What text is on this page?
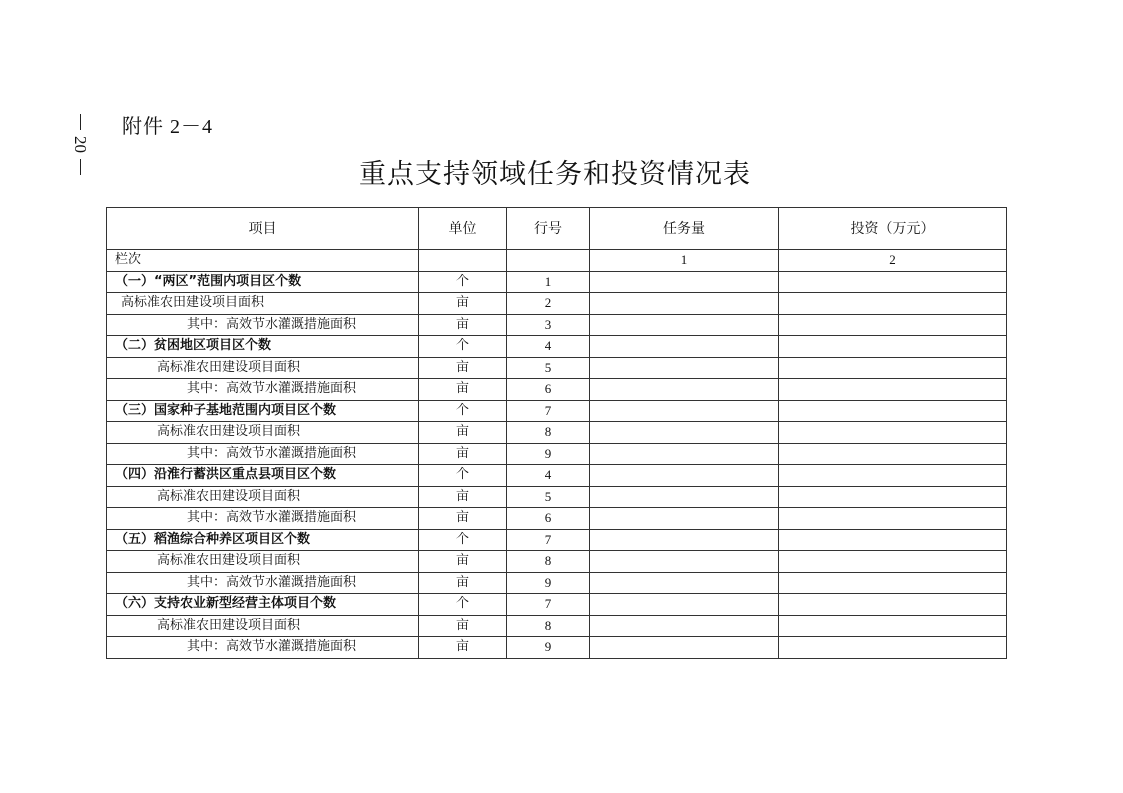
20
附件 2－4
重点支持领域任务和投资情况表
项目	单位	行号	任务量	投资（万元）
栏次			1	2
（一）“两区”范围内项目区个数	个	1		
高标准农田建设项目面积	亩	2		
其中：高效节水灌溉措施面积	亩	3		
（二）贫困地区项目区个数	个	4		
高标准农田建设项目面积	亩	5		
其中：高效节水灌溉措施面积	亩	6		
（三）国家种子基地范围内项目区个数	个	7		
高标准农田建设项目面积	亩	8		
其中：高效节水灌溉措施面积	亩	9		
（四）沿淮行蓄洪区重点县项目区个数	个	4		
高标准农田建设项目面积	亩	5		
其中：高效节水灌溉措施面积	亩	6		
（五）稻渔综合种养区项目区个数	个	7		
高标准农田建设项目面积	亩	8		
其中：高效节水灌溉措施面积	亩	9		
（六）支持农业新型经营主体项目个数	个	7		
高标准农田建设项目面积	亩	8		
其中：高效节水灌溉措施面积	亩	9		
